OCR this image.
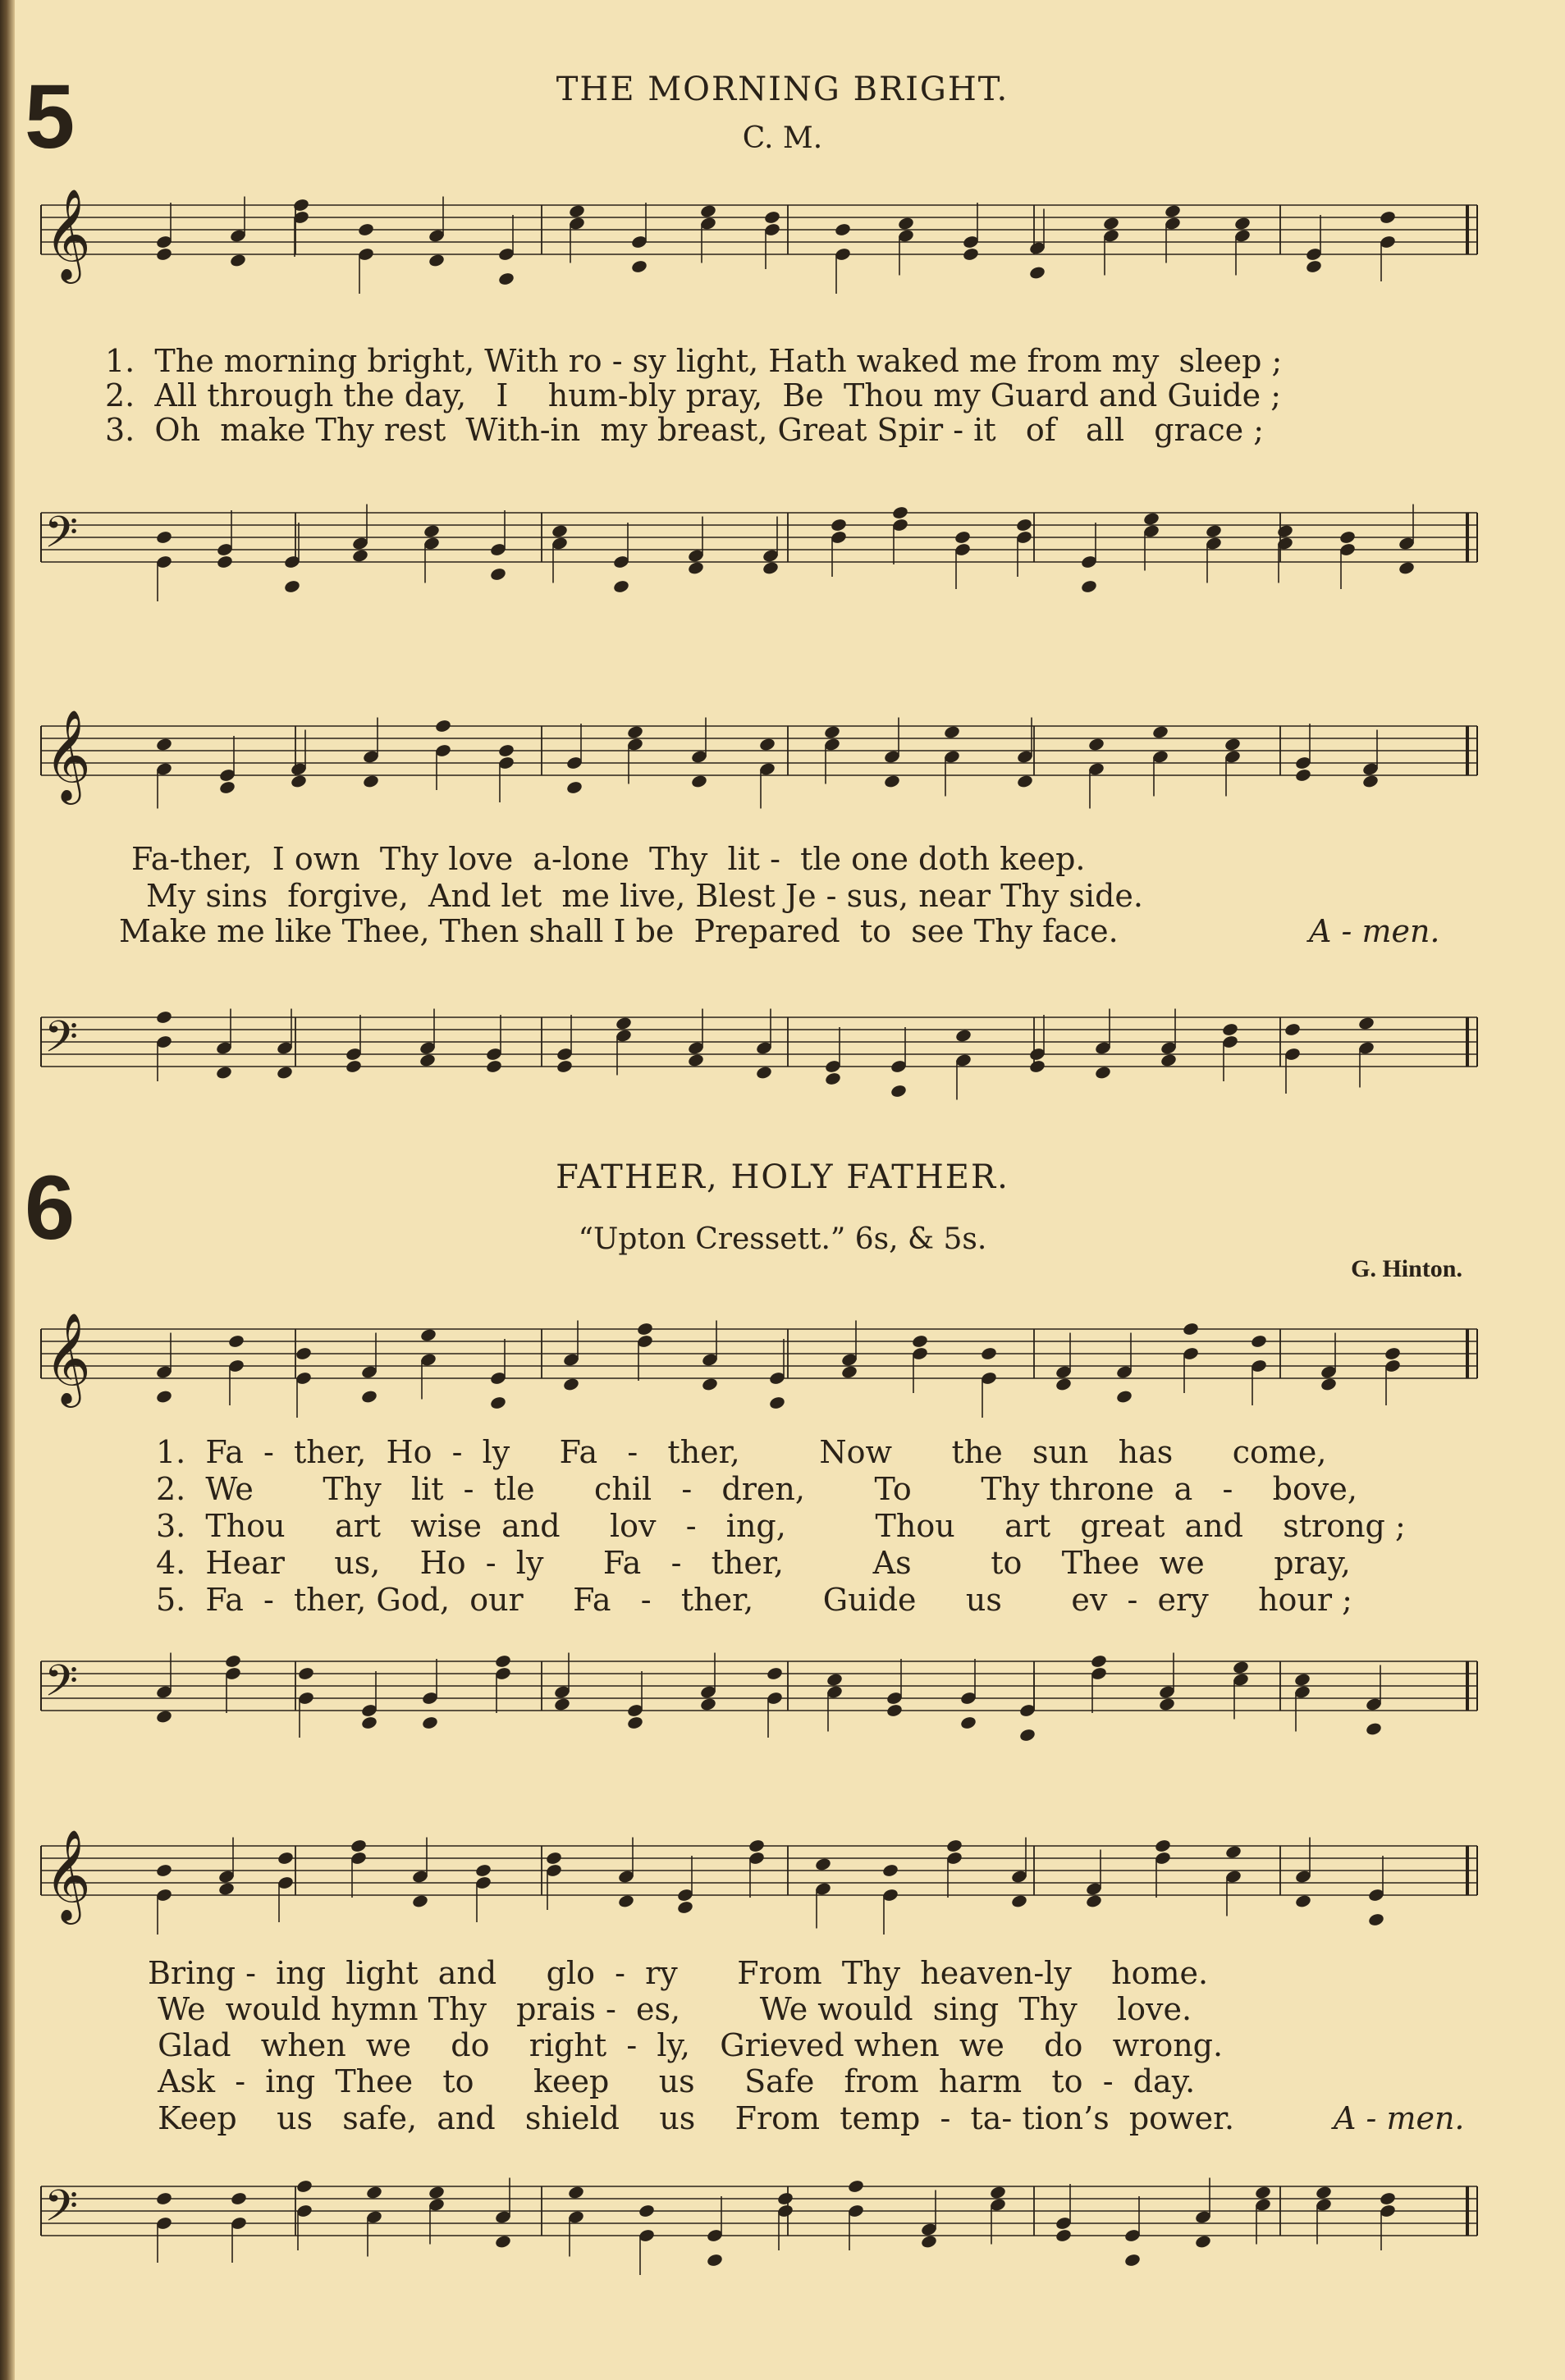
5	THE MORNING BRIGHT.
C. M.
𝄞
1.  The morning bright, With ro - sy light, Hath waked me from my  sleep ;
2.  All through the day,   I    hum-bly pray,  Be  Thou my Guard and Guide ;
3.  Oh  make Thy rest  With-in  my breast, Great Spir - it   of   all   grace ;
𝄢
𝄞
Fa-ther,  I own  Thy love  a-lone  Thy  lit -  tle one doth keep.
My sins  forgive,  And let  me live, Blest Je - sus, near Thy side.
Make me like Thee, Then shall I be  Prepared  to  see Thy face.	A - men.
𝄢
6	FATHER, HOLY FATHER.
“Upton Cressett.” 6s, & 5s.
G. Hinton.
𝄞
1.  Fa  -  ther,  Ho  -  ly     Fa   -   ther,        Now      the   sun   has      come,
2.  We       Thy   lit  -  tle      chil   -   dren,       To       Thy throne  a   -    bove,
3.  Thou     art   wise  and     lov   -   ing,         Thou     art   great  and    strong ;
4.  Hear     us,    Ho  -  ly      Fa   -   ther,         As        to    Thee  we       pray,
5.  Fa  -  ther, God,  our     Fa   -   ther,       Guide     us       ev  -  ery     hour ;
𝄢
𝄞
Bring -  ing  light  and     glo  -  ry      From  Thy  heaven-ly    home.
We  would hymn Thy   prais -  es,        We would  sing  Thy    love.
Glad   when  we    do    right  -  ly,   Grieved when  we    do   wrong.
Ask  -  ing  Thee   to      keep     us     Safe   from  harm   to  -  day.
Keep    us   safe,  and   shield    us    From  temp  -  ta- tion’s  power.	A - men.
𝄢
